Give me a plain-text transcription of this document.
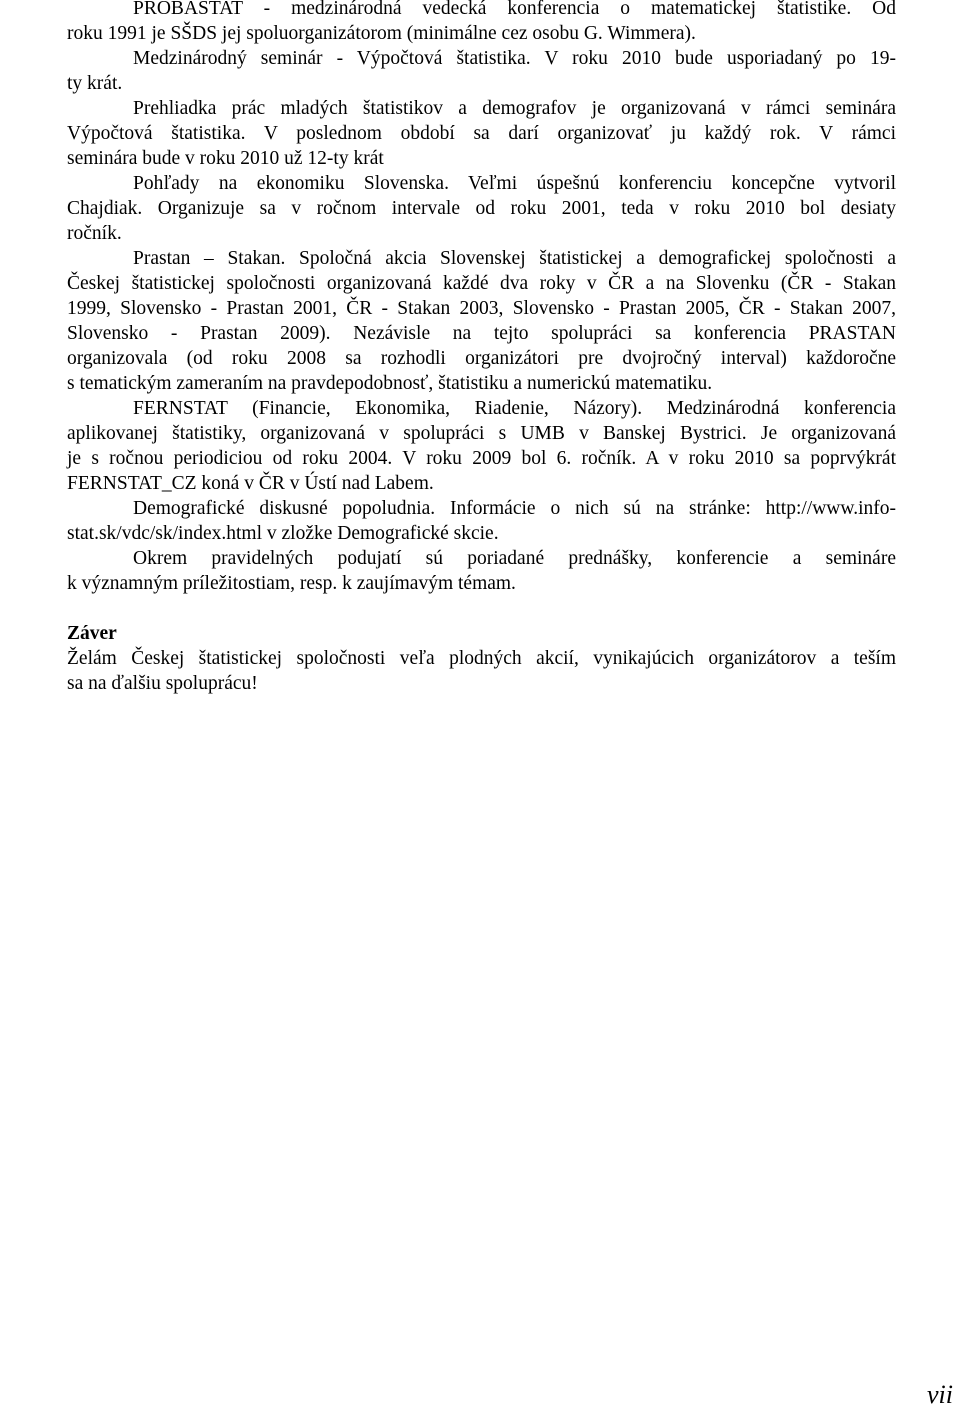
PROBASTAT - medzinárodná vedecká konferencia o matematickej štatistike. Od
roku 1991 je SŠDS jej spoluorganizátorom (minimálne cez osobu G. Wimmera).
Medzinárodný seminár - Výpočtová štatistika. V roku 2010 bude usporiadaný po 19-
ty krát.
Prehliadka prác mladých štatistikov a demografov je organizovaná v rámci seminára
Výpočtová štatistika. V poslednom období sa darí organizovať ju každý rok. V rámci
seminára bude v roku 2010 už 12-ty krát
Pohľady na ekonomiku Slovenska. Veľmi úspešnú konferenciu koncepčne vytvoril
Chajdiak. Organizuje sa v ročnom intervale od roku 2001, teda v roku 2010 bol desiaty
ročník.
Prastan – Stakan. Spoločná akcia Slovenskej štatistickej a demografickej spoločnosti a
Českej štatistickej spoločnosti organizovaná každé dva roky v ČR a na Slovenku (ČR - Stakan
1999, Slovensko - Prastan 2001, ČR - Stakan 2003, Slovensko - Prastan 2005, ČR - Stakan 2007,
Slovensko - Prastan 2009). Nezávisle na tejto spolupráci sa konferencia PRASTAN
organizovala (od roku 2008 sa rozhodli organizátori pre dvojročný interval) každoročne
s tematickým zameraním na pravdepodobnosť, štatistiku a numerickú matematiku.
FERNSTAT (Financie, Ekonomika, Riadenie, Názory). Medzinárodná konferencia
aplikovanej štatistiky, organizovaná v spolupráci s UMB v Banskej Bystrici. Je organizovaná
je s ročnou periodiciou od roku 2004. V roku 2009 bol 6. ročník. A v roku 2010 sa poprvýkrát
FERNSTAT_CZ koná v ČR v Ústí nad Labem.
Demografické diskusné popoludnia. Informácie o nich sú na stránke: http://www.info-
stat.sk/vdc/sk/index.html v zložke Demografické skcie.
Okrem pravidelných podujatí sú poriadané prednášky, konferencie a semináre
k významným príležitostiam, resp. k zaujímavým témam.
Záver
Želám Českej štatistickej spoločnosti veľa plodných akcií, vynikajúcich organizátorov a teším
sa na ďalšiu spoluprácu!
vii
